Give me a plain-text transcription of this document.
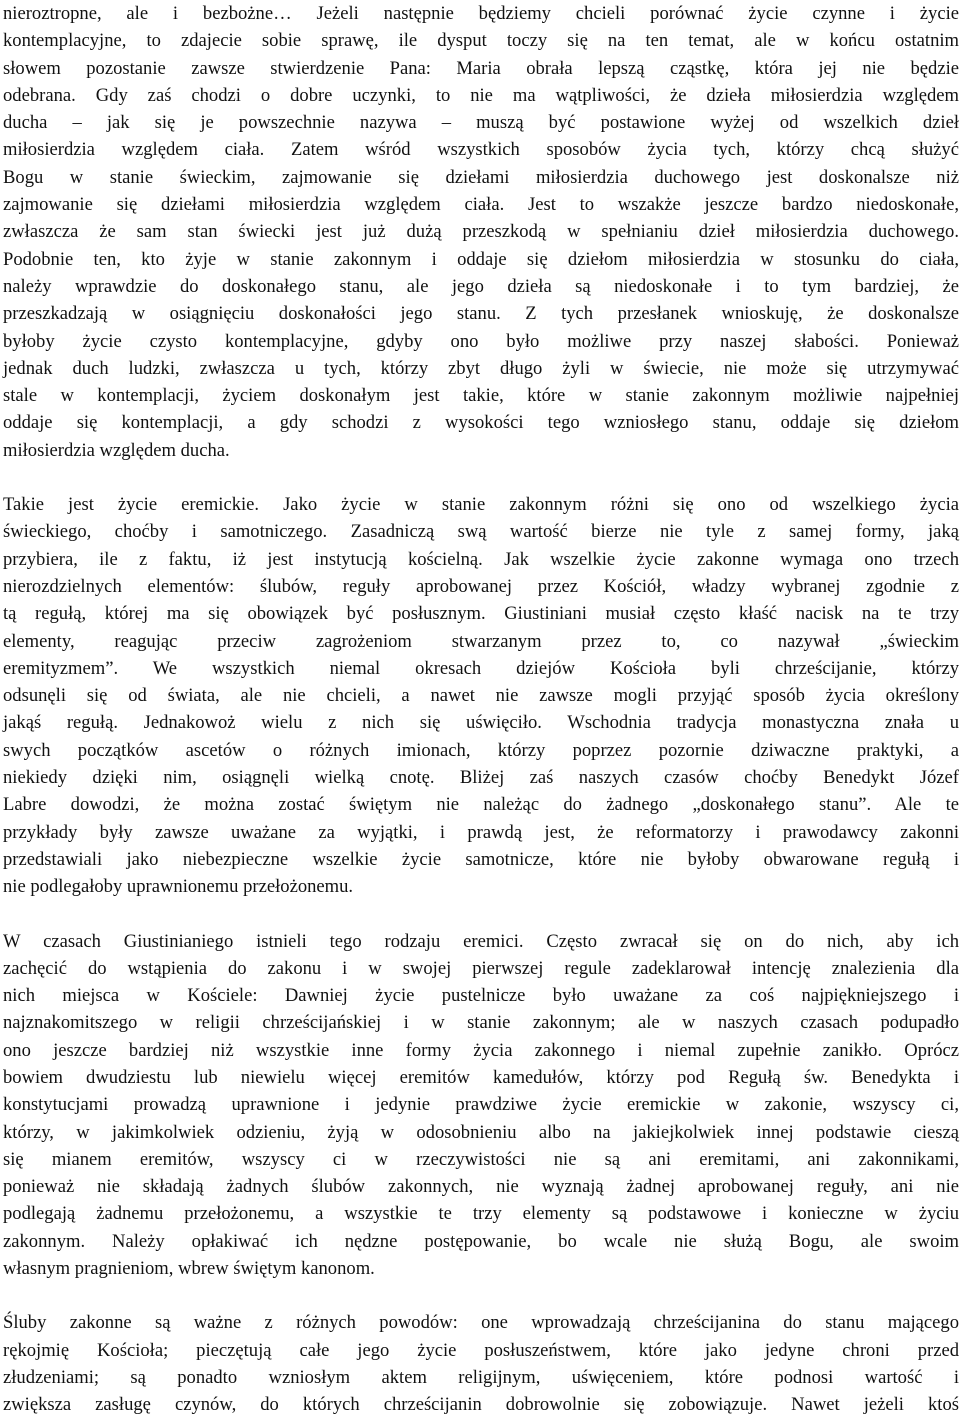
nieroztropne, ale i bezbożne… Jeżeli następnie będziemy chcieli porównać życie czynne i życie
kontemplacyjne, to zdajecie sobie sprawę, ile dysput toczy się na ten temat, ale w końcu ostatnim
słowem pozostanie zawsze stwierdzenie Pana: Maria obrała lepszą cząstkę, która jej nie będzie
odebrana. Gdy zaś chodzi o dobre uczynki, to nie ma wątpliwości, że dzieła miłosierdzia względem
ducha – jak się je powszechnie nazywa – muszą być postawione wyżej od wszelkich dzieł
miłosierdzia względem ciała. Zatem wśród wszystkich sposobów życia tych, którzy chcą służyć
Bogu w stanie świeckim, zajmowanie się dziełami miłosierdzia duchowego jest doskonalsze niż
zajmowanie się dziełami miłosierdzia względem ciała. Jest to wszakże jeszcze bardzo niedoskonałe,
zwłaszcza że sam stan świecki jest już dużą przeszkodą w spełnianiu dzieł miłosierdzia duchowego.
Podobnie ten, kto żyje w stanie zakonnym i oddaje się dziełom miłosierdzia w stosunku do ciała,
należy wprawdzie do doskonałego stanu, ale jego dzieła są niedoskonałe i to tym bardziej, że
przeszkadzają w osiągnięciu doskonałości jego stanu. Z tych przesłanek wnioskuję, że doskonalsze
byłoby życie czysto kontemplacyjne, gdyby ono było możliwe przy naszej słabości. Ponieważ
jednak duch ludzki, zwłaszcza u tych, którzy zbyt długo żyli w świecie, nie może się utrzymywać
stale w kontemplacji, życiem doskonałym jest takie, które w stanie zakonnym możliwie najpełniej
oddaje się kontemplacji, a gdy schodzi z wysokości tego wzniosłego stanu, oddaje się dziełom
miłosierdzia względem ducha.
Takie jest życie eremickie. Jako życie w stanie zakonnym różni się ono od wszelkiego życia
świeckiego, choćby i samotniczego. Zasadniczą swą wartość bierze nie tyle z samej formy, jaką
przybiera, ile z faktu, iż jest instytucją kościelną. Jak wszelkie życie zakonne wymaga ono trzech
nierozdzielnych elementów: ślubów, reguły aprobowanej przez Kościół, władzy wybranej zgodnie z
tą regułą, której ma się obowiązek być posłusznym. Giustiniani musiał często kłaść nacisk na te trzy
elementy, reagując przeciw zagrożeniom stwarzanym przez to, co nazywał „świeckim
eremityzmem”. We wszystkich niemal okresach dziejów Kościoła byli chrześcijanie, którzy
odsunęli się od świata, ale nie chcieli, a nawet nie zawsze mogli przyjąć sposób życia określony
jakąś regułą. Jednakowoż wielu z nich się uświęciło. Wschodnia tradycja monastyczna znała u
swych początków ascetów o różnych imionach, którzy poprzez pozornie dziwaczne praktyki, a
niekiedy dzięki nim, osiągnęli wielką cnotę. Bliżej zaś naszych czasów choćby Benedykt Józef
Labre dowodzi, że można zostać świętym nie należąc do żadnego „doskonałego stanu”. Ale te
przykłady były zawsze uważane za wyjątki, i prawdą jest, że reformatorzy i prawodawcy zakonni
przedstawiali jako niebezpieczne wszelkie życie samotnicze, które nie byłoby obwarowane regułą i
nie podlegałoby uprawnionemu przełożonemu.
W czasach Giustinianiego istnieli tego rodzaju eremici. Często zwracał się on do nich, aby ich
zachęcić do wstąpienia do zakonu i w swojej pierwszej regule zadeklarował intencję znalezienia dla
nich miejsca w Kościele: Dawniej życie pustelnicze było uważane za coś najpiękniejszego i
najznakomitszego w religii chrześcijańskiej i w stanie zakonnym; ale w naszych czasach podupadło
ono jeszcze bardziej niż wszystkie inne formy życia zakonnego i niemal zupełnie zanikło. Oprócz
bowiem dwudziestu lub niewielu więcej eremitów kamedułów, którzy pod Regułą św. Benedykta i
konstytucjami prowadzą uprawnione i jedynie prawdziwe życie eremickie w zakonie, wszyscy ci,
którzy, w jakimkolwiek odzieniu, żyją w odosobnieniu albo na jakiejkolwiek innej podstawie cieszą
się mianem eremitów, wszyscy ci w rzeczywistości nie są ani eremitami, ani zakonnikami,
ponieważ nie składają żadnych ślubów zakonnych, nie wyznają żadnej aprobowanej reguły, ani nie
podlegają żadnemu przełożonemu, a wszystkie te trzy elementy są podstawowe i konieczne w życiu
zakonnym. Należy opłakiwać ich nędzne postępowanie, bo wcale nie służą Bogu, ale swoim
własnym pragnieniom, wbrew świętym kanonom.
Śluby zakonne są ważne z różnych powodów: one wprowadzają chrześcijanina do stanu mającego
rękojmię Kościoła; pieczętują całe jego życie posłuszeństwem, które jako jedyne chroni przed
złudzeniami; są ponadto wzniosłym aktem religijnym, uświęceniem, które podnosi wartość i
zwiększa zasługę czynów, do których chrześcijanin dobrowolnie się zobowiązuje. Nawet jeżeli ktoś
